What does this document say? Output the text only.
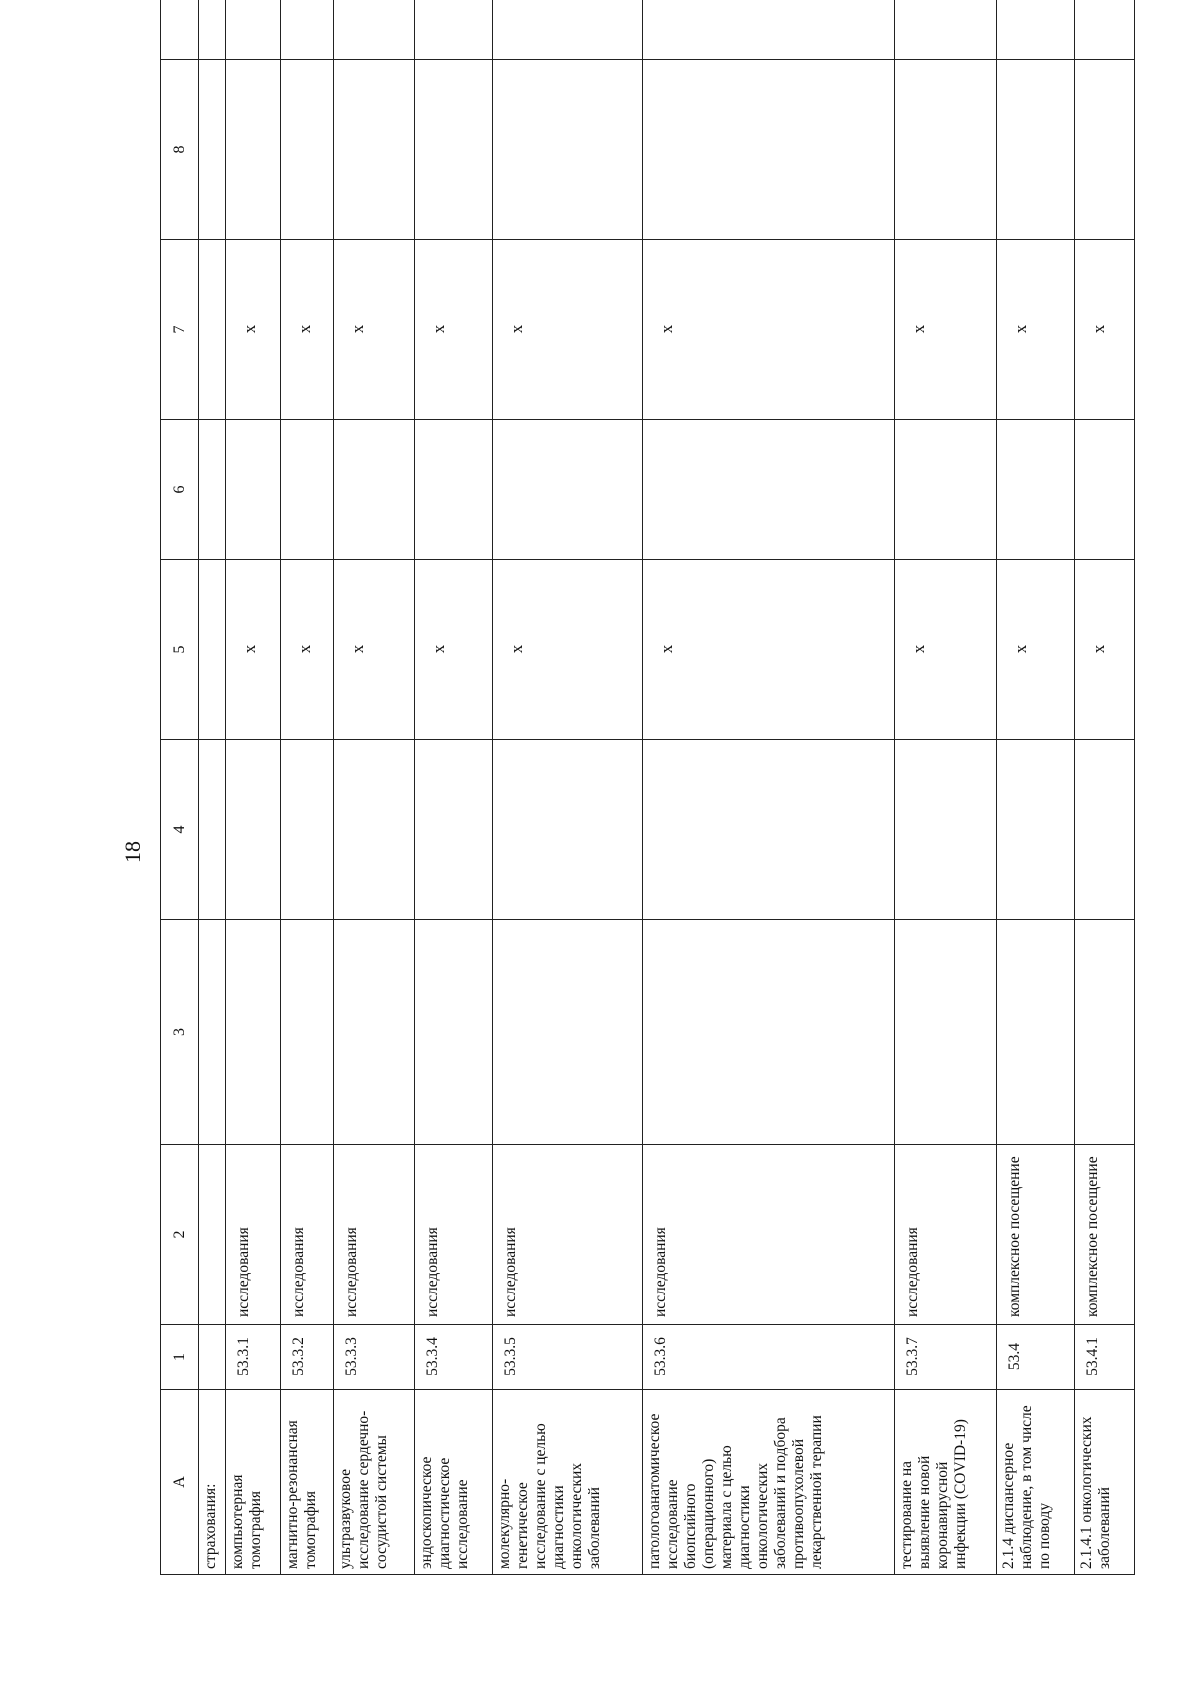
18
А	1	2	3	4	5	6	7	8	
страхования:									
компьютерная томография	53.3.1	исследования			х		х		
магнитно-резонансная томография	53.3.2	исследования			х		х		
ультразвуковое исследование сердечно-сосудистой системы	53.3.3	исследования			х		х		
эндоскопическое диагностическое исследование	53.3.4	исследования			х		х		
молекулярно-генетическое исследование с целью диагностики онкологических заболеваний	53.3.5	исследования			х		х		
патологоанатомическое исследование биопсийного (операционного) материала с целью диагностики онкологических заболеваний и подбора противоопухолевой лекарственной терапии	53.3.6	исследования			х		х		
тестирование на выявление новой коронавирусной инфекции (COVID-19)	53.3.7	исследования			х		х		
2.1.4 диспансерное наблюдение, в том числе по поводу	53.4	комплексное посещение			х		х		
2.1.4.1 онкологических заболеваний	53.4.1	комплексное посещение			х		х		
